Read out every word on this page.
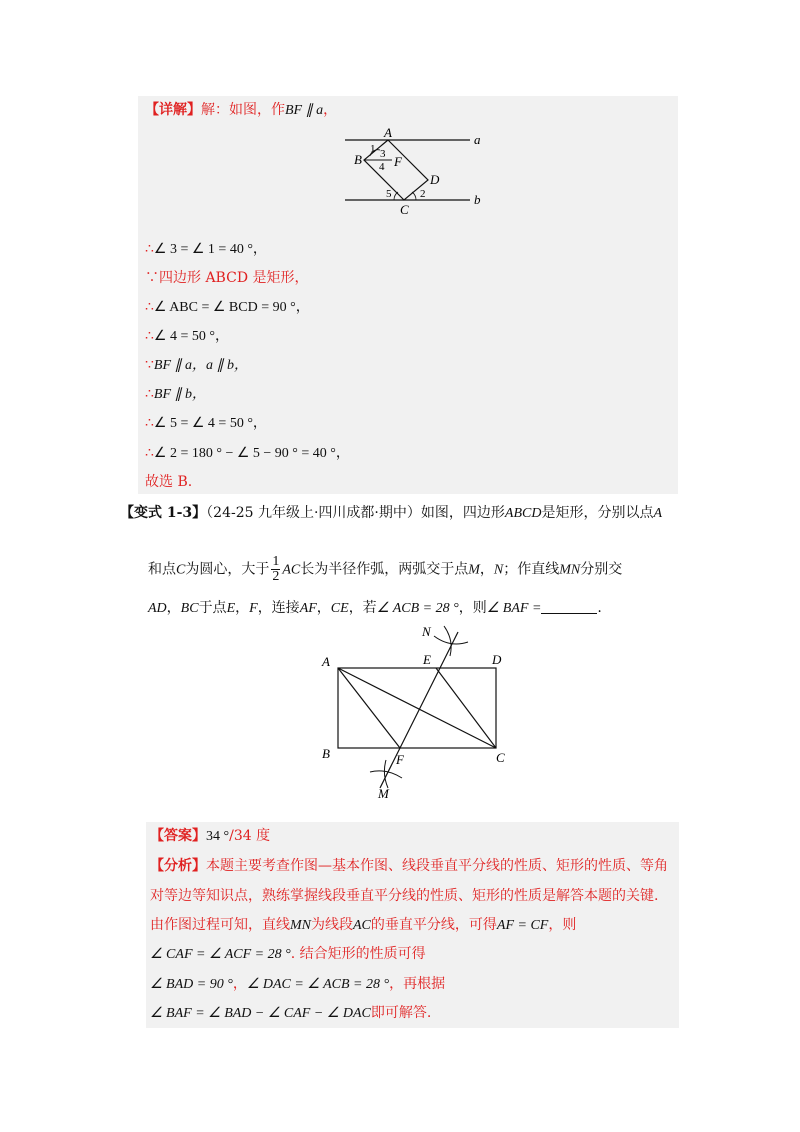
【详解】解：如图，作BF ∥ a，
A	a
B
1 3
4 F
D
5	2
C
b
∴∠ 3 = ∠ 1 = 40 °，
∵四边形 ABCD 是矩形，
∴∠ ABC = ∠ BCD = 90 °，
∴∠ 4 = 50 °，
∵BF ∥ a，a ∥ b，
∴BF ∥ b，
∴∠ 5 = ∠ 4 = 50 °，
∴∠ 2 = 180 ° − ∠ 5 − 90 ° = 40 °，
故选 B.
【变式 1-3】（24-25 九年级上·四川成都·期中）如图，四边形ABCD是矩形，分别以点A
和点C为圆心，大于 $\frac{1}{2}$ AC长为半径作弧，两弧交于点M，N；作直线MN分别交
AD，BC于点E，F，连接AF，CE，若∠ ACB = 28 °，则∠ BAF =	.
N
A	E	D
B	F	C
M
【答案】34 °/34 度
【分析】本题主要考查作图—基本作图、线段垂直平分线的性质、矩形的性质、等角
对等边等知识点，熟练掌握线段垂直平分线的性质、矩形的性质是解答本题的关键.
由作图过程可知，直线MN为线段AC的垂直平分线，可得AF = CF，则
∠ CAF = ∠ ACF = 28 °. 结合矩形的性质可得
∠ BAD = 90 °，∠ DAC = ∠ ACB = 28 °，再根据
∠ BAF = ∠ BAD − ∠ CAF − ∠ DAC即可解答.
